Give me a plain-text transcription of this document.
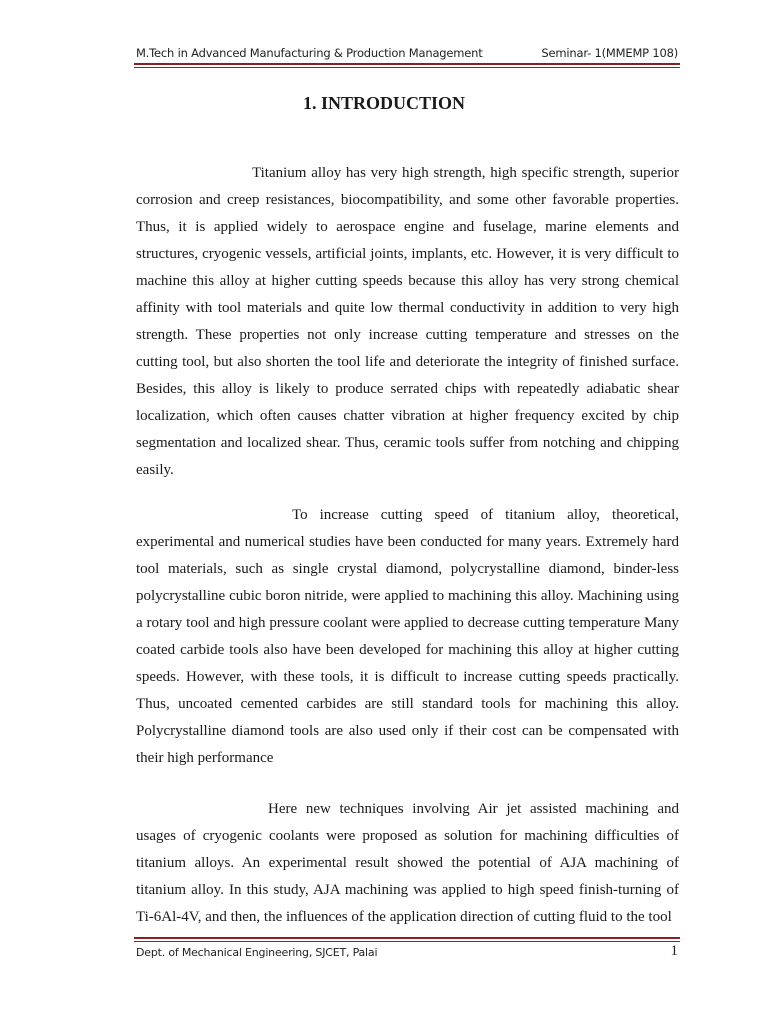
M.Tech in Advanced Manufacturing & Production Management	Seminar- 1(MMEMP 108)
1. INTRODUCTION

Titanium alloy has very high strength, high specific strength, superior corrosion and creep resistances, biocompatibility, and some other favorable properties. Thus, it is applied widely to aerospace engine and fuselage, marine elements and structures, cryogenic vessels, artificial joints, implants, etc. However, it is very difficult to machine this alloy at higher cutting speeds because this alloy has very strong chemical affinity with tool materials and quite low thermal conductivity in addition to very high strength. These properties not only increase cutting temperature and stresses on the cutting tool, but also shorten the tool life and deteriorate the integrity of finished surface. Besides, this alloy is likely to produce serrated chips with repeatedly adiabatic shear localization, which often causes chatter vibration at higher frequency excited by chip segmentation and localized shear. Thus, ceramic tools suffer from notching and chipping easily.

To increase cutting speed of titanium alloy, theoretical, experimental and numerical studies have been conducted for many years. Extremely hard tool materials, such as single crystal diamond, polycrystalline diamond, binder-less polycrystalline cubic boron nitride, were applied to machining this alloy. Machining using a rotary tool and high pressure coolant were applied to decrease cutting temperature Many coated carbide tools also have been developed for machining this alloy at higher cutting speeds. However, with these tools, it is difficult to increase cutting speeds practically. Thus, uncoated cemented carbides are still standard tools for machining this alloy. Polycrystalline diamond tools are also used only if their cost can be compensated with their high performance

Here new techniques involving Air jet assisted machining and usages of cryogenic coolants were proposed as solution for machining difficulties of titanium alloys. An experimental result showed the potential of AJA machining of titanium alloy. In this study, AJA machining was applied to high speed finish-turning of Ti-6Al-4V, and then, the influences of the application direction of cutting fluid to the tool

Dept. of Mechanical Engineering, SJCET, Palai	1
